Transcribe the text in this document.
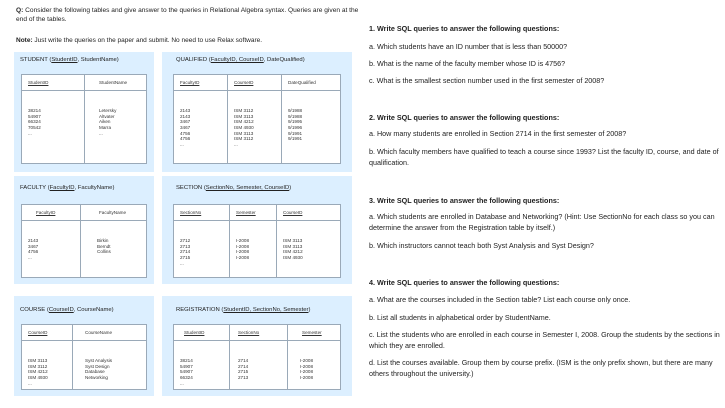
Q: Consider the following tables and give answer to the queries in Relational Algebra syntax. Queries are given at the end of the tables.
Note: Just write the queries on the paper and submit. No need to use Relax software.
STUDENT (StudentID, StudentName)
StudentID

38214
54907
66324
70542
...

StudentName

Letersky
Altvater
Aiken
Marra
...

QUALIFIED (FacultyID, CourseID, DateQualified)
FacultyID

2143
2143
3467
3467
4756
4756
...

CourseID

ISM 3112
ISM 3113
ISM 4212
ISM 4930
ISM 3113
ISM 3112
...

DateQualified

9/1988
9/1988
9/1995
9/1996
9/1991
9/1991

FACULTY (FacultyID, FacultyName)
FacultyID

2143
3467
4756
...

FacultyName

Birkin
Berndt
Collins

SECTION (SectionNo, Semester, CourseID)
SectionNo

2712
2713
2714
2715
...

Semester

I-2008
I-2008
I-2008
I-2008

CourseID

ISM 3113
ISM 3113
ISM 4212
ISM 4930

COURSE (CourseID, CourseName)
CourseID

ISM 3113
ISM 3112
ISM 4212
ISM 4930
...

CourseName

Syst Analysis
Syst Design
Database
Networking

REGISTRATION (StudentID, SectionNo, Semester)
StudentID

38214
54907
54907
66324
...

SectionNo

2714
2714
2715
2713

Semester

I-2008
I-2008
I-2008
I-2008

1. Write SQL queries to answer the following questions:
a. Which students have an ID number that is less than 50000?
b. What is the name of the faculty member whose ID is 4756?
c. What is the smallest section number used in the first semester of 2008?
2. Write SQL queries to answer the following questions:
a. How many students are enrolled in Section 2714 in the first semester of 2008?
b. Which faculty members have qualified to teach a course since 1993? List the faculty ID, course, and date of qualification.
3. Write SQL queries to answer the following questions:
a. Which students are enrolled in Database and Networking? (Hint: Use SectionNo for each class so you can determine the answer from the Registration table by itself.)
b. Which instructors cannot teach both Syst Analysis and Syst Design?
4. Write SQL queries to answer the following questions:
a. What are the courses included in the Section table? List each course only once.
b. List all students in alphabetical order by StudentName.
c. List the students who are enrolled in each course in Semester I, 2008. Group the students by the sections in which they are enrolled.
d. List the courses available. Group them by course prefix. (ISM is the only prefix shown, but there are many others throughout the university.)
